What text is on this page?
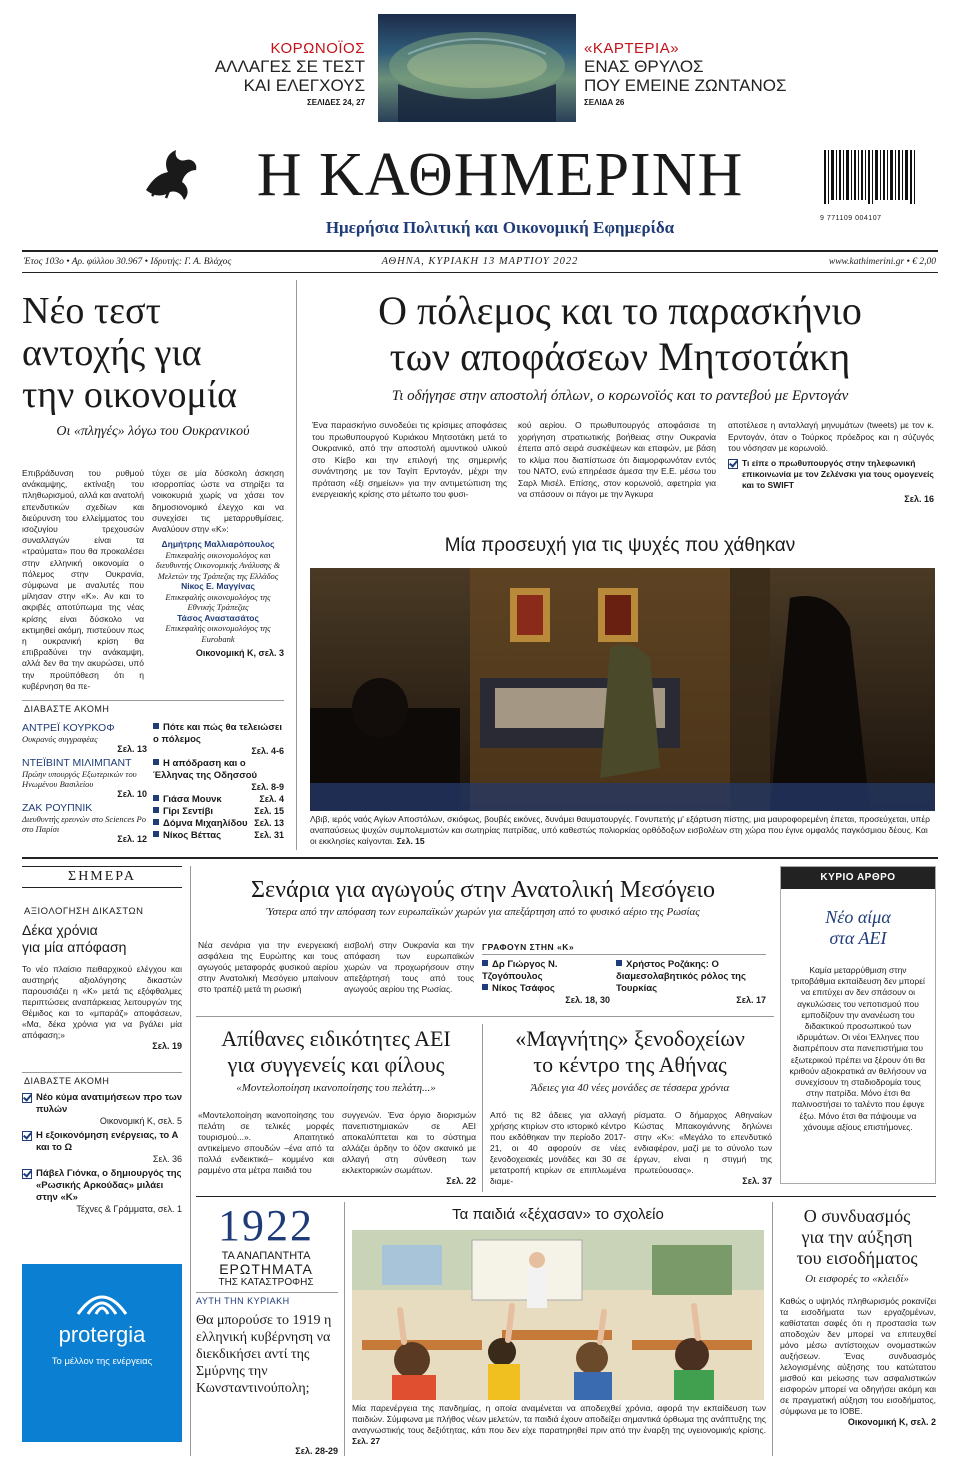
ΚΟΡΩΝΟΪΟΣ
ΑΛΛΑΓΕΣ ΣΕ ΤΕΣΤ
ΚΑΙ ΕΛΕΓΧΟΥΣ
ΣΕΛΙΔΕΣ 24, 27
«ΚΑΡΤΕΡΙΑ»
ΕΝΑΣ ΘΡΥΛΟΣ
ΠΟΥ ΕΜΕΙΝΕ ΖΩΝΤΑΝΟΣ
ΣΕΛΙΔΑ 26
Η ΚΑΘΗΜΕΡΙΝΗ
Ημερήσια Πολιτική και Οικονομική Εφημερίδα	9 771109 004107
Έτος 103ο • Αρ. φύλλου 30.967 • Ιδρυτής: Γ. Α. Βλάχος	ΑΘΗΝΑ, ΚΥΡΙΑΚΗ 13 ΜΑΡΤΙΟΥ 2022	www.kathimerini.gr • € 2,00
Νέο τεστ
αντοχής για
την οικονομία
Οι «πληγές» λόγω του Ουκρανικού
Επιβράδυνση του ρυθμού ανάκαμψης, εκτίναξη του πληθωρισμού, αλλά και ανατολή επενδυτικών σχεδίων και διεύρυνση του ελλείμματος του ισοζυγίου τρεχουσών συναλλαγών είναι τα «τραύματα» που θα προκαλέσει στην ελληνική οικονομία ο πόλεμος στην Ουκρανία, σύμφωνα με αναλυτές που μίλησαν στην «Κ». Αν και το ακριβές αποτύπωμα της νέας κρίσης είναι δύσκολο να εκτιμηθεί ακόμη, πιστεύουν πως η ουκρανική κρίση θα επιβραδύνει την ανάκαμψη, αλλά δεν θα την ακυρώσει, υπό την προϋπόθεση ότι η κυβέρνηση θα πε-
τύχει σε μία δύσκολη άσκηση ισορροπίας ώστε να στηρίξει τα νοικοκυριά χωρίς να χάσει τον δημοσιονομικό έλεγχο και να συνεχίσει τις μεταρρυθμίσεις. Αναλύουν στην «Κ»:
Δημήτρης Μαλλιαρόπουλος
Επικεφαλής οικονομολόγος και διευθυντής Οικονομικής Ανάλυσης & Μελετών της Τράπεζας της Ελλάδος
Νίκος Ε. Μαγγίνας
Επικεφαλής οικονομολόγος της Εθνικής Τράπεζας
Τάσος Αναστασάτος
Επικεφαλής οικονομολόγος της Eurobank
Οικονομική Κ, σελ. 3
ΔΙΑΒΑΣΤΕ ΑΚΟΜΗ
ΑΝΤΡΕΪ ΚΟΥΡΚΟΦ
Ουκρανός συγγραφέας
Σελ. 13
ΝΤΕΪΒΙΝΤ ΜΙΛΙΜΠΑΝΤ
Πρώην υπουργός Εξωτερικών του Ηνωμένου Βασιλείου
Σελ. 10
ΖΑΚ ΡΟΥΠΝΙΚ
Διευθυντής ερευνών στο Sciences Po στο Παρίσι
Σελ. 12
Πότε και πώς θα τελειώσει ο πόλεμος
Σελ. 4-6
Η απόδραση και ο Έλληνας της Οδησσού
Σελ. 8-9
Γιάσα Μουνκ	Σελ. 4
Γίρι Σεντίβι	Σελ. 15
Δόμνα Μιχαηλίδου Σελ. 13
Νίκος Βέττας	Σελ. 31
Ο πόλεμος και το παρασκήνιο
των αποφάσεων Μητσοτάκη
Τι οδήγησε στην αποστολή όπλων, ο κορωνοϊός και το ραντεβού με Ερντογάν
Ένα παρασκήνιο συνοδεύει τις κρίσιμες αποφάσεις του πρωθυπουργού Κυριάκου Μητσοτάκη μετά το Ουκρανικό, από την αποστολή αμυντικού υλικού στο Κίεβο και την επιλογή της σημερινής συνάντησης με τον Ταγίπ Ερντογάν, μέχρι την πρόταση «έξι σημείων» για την αντιμετώπιση της ενεργειακής κρίσης στο μέτωπο του φυσι-
κού αερίου. Ο πρωθυπουργός αποφάσισε τη χορήγηση στρατιωτικής βοήθειας στην Ουκρανία έπειτα από σειρά συσκέψεων και επαφών, με βάση το κλίμα που διαπίστωσε ότι διαμορφωνόταν εντός του ΝΑΤΟ, ενώ επηρέασε άμεσα την Ε.Ε. μέσω του Σαρλ Μισέλ. Επίσης, στον κορωνοϊό, αφετηρία για να σπάσουν οι πάγοι με την Άγκυρα
αποτέλεσε η ανταλλαγή μηνυμάτων (tweets) με τον κ. Ερντογάν, όταν ο Τούρκος πρόεδρος και η σύζυγός του νόσησαν με κορωνοϊό.
Τι είπε ο πρωθυπουργός στην τηλεφωνική επικοινωνία με τον Ζελένσκι για τους ομογενείς και το SWIFT
Σελ. 16
Μία προσευχή για τις ψυχές που χάθηκαν
Λβιβ, ιερός ναός Αγίων Αποστόλων, σκιόφως, βουβές εικόνες, δυνάμει θαυματουργές. Γονυπετής μ' εξάρτυση πίστης, μια μαυροφορεμένη έπεται, προσεύχεται, υπέρ αναπαύσεως ψυχών συμπολεμιστών και σωτηρίας πατρίδας, υπό καθεστώς πολιορκίας ορθόδοξων εισβολέων στη χώρα που έγινε ομφαλός παγκόσμιου δέους. Και οι εκκλησίες καίγονται. Σελ. 15
ΣΗΜΕΡΑ
ΑΞΙΟΛΟΓΗΣΗ ΔΙΚΑΣΤΩΝ
Δέκα χρόνια
για μία απόφαση
Το νέο πλαίσιο πειθαρχικού ελέγχου και αυστηρής αξιολόγησης δικαστών παρουσιάζει η «Κ» μετά τις εξόφθαλμες περιπτώσεις αναπάρκειας λειτουργών της Θέμιδος και το «μπαράζ» αποφάσεων, «Μα, δέκα χρόνια για να βγάλει μία απόφαση;»
Σελ. 19
ΔΙΑΒΑΣΤΕ ΑΚΟΜΗ
Νέο κύμα ανατιμήσεων προ των πυλών
Οικονομική Κ, σελ. 5
Η εξοικονόμηση ενέργειας, το Α και το Ω
Σελ. 36
Πάβελ Γιόνκα, ο δημιουργός της «Ρωσικής Αρκούδας» μιλάει στην «Κ»
Τέχνες & Γράμματα, σελ. 1
protergia
Το μέλλον της ενέργειας
Σενάρια για αγωγούς στην Ανατολική Μεσόγειο
Ύστερα από την απόφαση των ευρωπαϊκών χωρών για απεξάρτηση από το φυσικό αέριο της Ρωσίας
Νέα σενάρια για την ενεργειακή ασφάλεια της Ευρώπης και τους αγωγούς μεταφοράς φυσικού αερίου στην Ανατολική Μεσόγειο μπαίνουν στο τραπέζι μετά τη ρωσική
εισβολή στην Ουκρανία και την απόφαση των ευρωπαϊκών χωρών να προχωρήσουν στην απεξάρτησή τους από τους αγωγούς αερίου της Ρωσίας.
ΓΡΑΦΟΥΝ ΣΤΗΝ «Κ»
Δρ Γιώργος Ν. Τζογόπουλος
Νίκος Τσάφος
Σελ. 18, 30
Χρήστος Ροζάκης: Ο διαμεσολαβητικός ρόλος της Τουρκίας
Σελ. 17
ΚΥΡΙΟ ΑΡΘΡΟ
Νέο αίμα
στα ΑΕΙ
Καμία μεταρρύθμιση στην τριτοβάθμια εκπαίδευση δεν μπορεί να επιτύχει αν δεν σπάσουν οι αγκυλώσεις του νεποτισμού που εμποδίζουν την ανανέωση του διδακτικού προσωπικού των ιδρυμάτων. Οι νέοι Έλληνες που διαπρέπουν στα πανεπιστήμια του εξωτερικού πρέπει να ξέρουν ότι θα κριθούν αξιοκρατικά αν θελήσουν να συνεχίσουν τη σταδιοδρομία τους στην πατρίδα. Μόνο έτσι θα παλινοστήσει το ταλέντο που έφυγε έξω. Μόνο έτσι θα πάψουμε να χάνουμε αξίους επιστήμονες.
Απίθανες ειδικότητες ΑΕΙ
για συγγενείς και φίλους
«Μοντελοποίηση ικανοποίησης του πελάτη...»
«Μοντελοποίηση ικανοποίησης του πελάτη σε τελικές μορφές τουρισμού...». Απαιτητικό αντικείμενο σπουδών –ένα από τα πολλά ενδεικτικά– κομμένο και ραμμένο στα μέτρα παιδιά του
συγγενών. Ένα όργιο διορισμών πανεπιστημιακών σε ΑΕΙ αποκαλύπτεται και το σύστημα αλλάζει άρδην το όζον σκανικό με αλλαγή στη σύνθεση των εκλεκτορικών σωμάτων.
Σελ. 22
«Μαγνήτης» ξενοδοχείων
το κέντρο της Αθήνας
Άδειες για 40 νέες μονάδες σε τέσσερα χρόνια
Από τις 82 άδειες για αλλαγή χρήσης κτιρίων στο ιστορικό κέντρο που εκδόθηκαν την περίοδο 2017-21, οι 40 αφορούν σε νέες ξενοδοχειακές μονάδες και 30 σε μετατροπή κτιρίων σε επιπλωμένα διαμε-
ρίσματα. Ο δήμαρχος Αθηναίων Κώστας Μπακογιάννης δηλώνει στην «Κ»: «Μεγάλο το επενδυτικό ενδιαφέρον, μαζί με το σύνολο των έργων, είναι η στιγμή της πρωτεύουσας».
Σελ. 37
1922
ΤΑ ΑΝΑΠΑΝΤΗΤΑ
ΕΡΩΤΗΜΑΤΑ
ΤΗΣ ΚΑΤΑΣΤΡΟΦΗΣ
ΑΥΤΗ ΤΗΝ ΚΥΡΙΑΚΗ
Θα μπορούσε το 1919 η ελληνική κυβέρνηση να διεκδικήσει αντί της Σμύρνης την Κωνσταντινούπολη;
Σελ. 28-29
Τα παιδιά «ξέχασαν» το σχολείο
Μία παρενέργεια της πανδημίας, η οποία αναμένεται να αποδειχθεί χρόνια, αφορά την εκπαίδευση των παιδιών. Σύμφωνα με πλήθος νέων μελετών, τα παιδιά έχουν αποδείξει σημαντικά όρθωμα της ανάπτυξης της αναγνωστικής τους δεξιότητας, κάτι που δεν είχε παρατηρηθεί πριν από την έναρξη της υγειονομικής κρίσης. Σελ. 27
Ο συνδυασμός
για την αύξηση
του εισοδήματος
Οι εισφορές το «κλειδί»
Καθώς ο υψηλός πληθωρισμός ροκανίζει τα εισοδήματα των εργαζομένων, καθίσταται σαφές ότι η προστασία των αποδοχών δεν μπορεί να επιτευχθεί μόνο μέσω αντίστοιχων ονομαστικών αυξήσεων. Ένας συνδυασμός λελογισμένης αύξησης του κατώτατου μισθού και μείωσης των ασφαλιστικών εισφορών μπορεί να οδηγήσει ακόμη και σε πραγματική αύξηση του εισοδήματος, σύμφωνα με το ΙΟΒΕ.
Οικονομική Κ, σελ. 2
